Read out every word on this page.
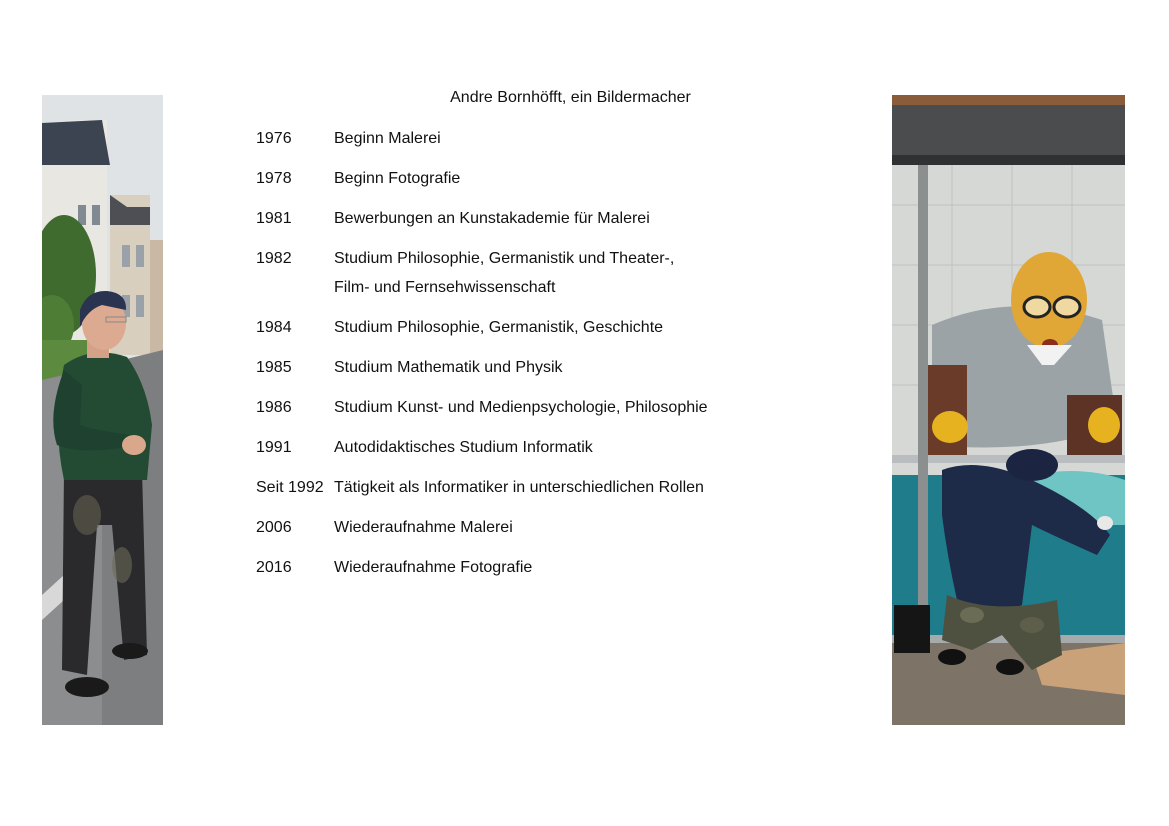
Andre Bornhöfft, ein Bildermacher
1976	Beginn Malerei
1978	Beginn Fotografie
1981	Bewerbungen an Kunstakademie für Malerei
1982	Studium Philosophie, Germanistik und Theater-,
Film- und Fernsehwissenschaft
1984	Studium Philosophie, Germanistik, Geschichte
1985	Studium Mathematik und Physik
1986	Studium Kunst- und Medienpsychologie, Philosophie
1991	Autodidaktisches Studium Informatik
Seit 1992 Tätigkeit als Informatiker in unterschiedlichen Rollen
2006	Wiederaufnahme Malerei
2016	Wiederaufnahme Fotografie
